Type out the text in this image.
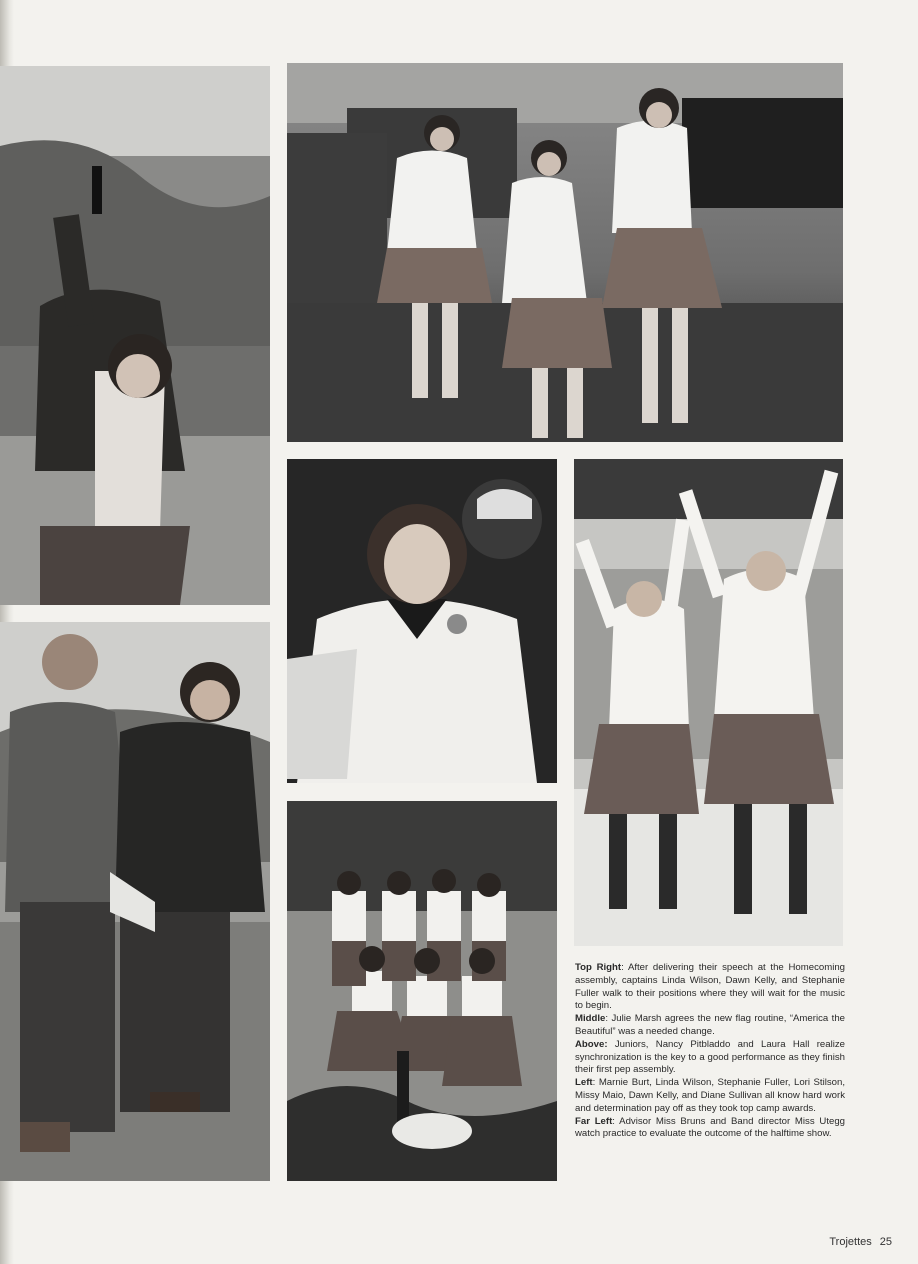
Top Right: After delivering their speech at the Homecoming assembly, captains Linda Wilson, Dawn Kelly, and Stephanie Fuller walk to their positions where they will wait for the music to begin.

Middle: Julie Marsh agrees the new flag routine, “America the Beautiful” was a needed change.

Above: Juniors, Nancy Pitbladdo and Laura Hall realize synchronization is the key to a good performance as they finish their first pep assembly.

Left: Marnie Burt, Linda Wilson, Stephanie Fuller, Lori Stilson, Missy Maio, Dawn Kelly, and Diane Sullivan all know hard work and determination pay off as they took top camp awards.

Far Left: Advisor Miss Bruns and Band director Miss Utegg watch practice to evaluate the outcome of the halftime show.

Trojettes 25
